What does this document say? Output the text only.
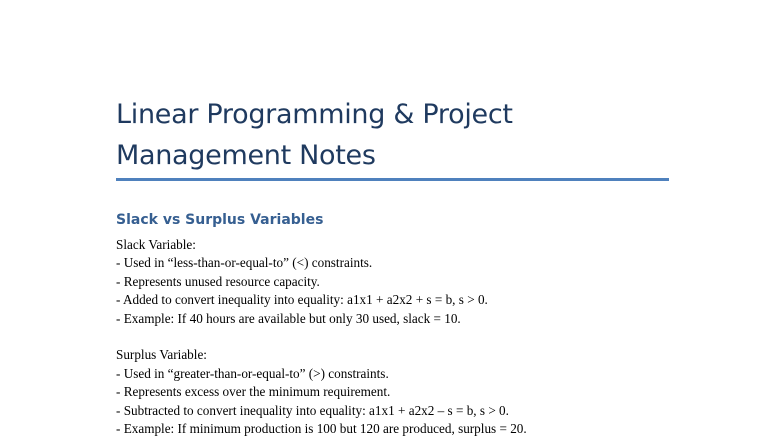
Linear Programming & Project
Management Notes
Slack vs Surplus Variables
Slack Variable:
- Used in “less-than-or-equal-to” (<) constraints.
- Represents unused resource capacity.
- Added to convert inequality into equality: a1x1 + a2x2 + s = b, s > 0.
- Example: If 40 hours are available but only 30 used, slack = 10.
Surplus Variable:
- Used in “greater-than-or-equal-to” (>) constraints.
- Represents excess over the minimum requirement.
- Subtracted to convert inequality into equality: a1x1 + a2x2 – s = b, s > 0.
- Example: If minimum production is 100 but 120 are produced, surplus = 20.
